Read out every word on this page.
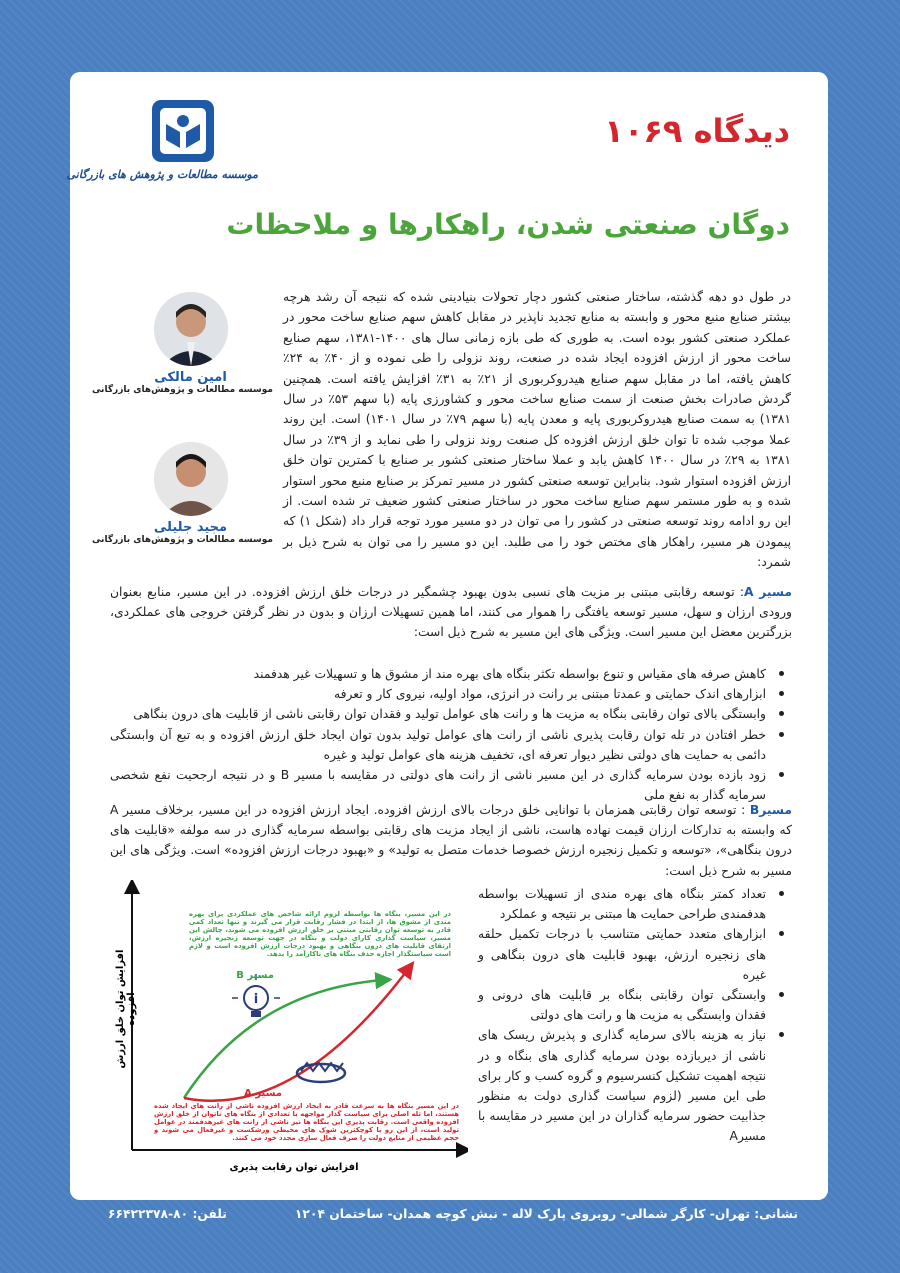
موسسه مطالعات و پژوهش های بازرگانی
دیدگاه ۱۰۶۹
دوگان صنعتی شدن، راهکارها و ملاحظات
امین مالکی
موسسه مطالعات و پژوهش‌های بازرگانی
مجید جلیلی
موسسه مطالعات و پژوهش‌های بازرگانی
در طول دو دهه گذشته، ساختار صنعتی کشور دچار تحولات بنیادینی شده که نتیجه آن رشد هرچه بیشتر صنایع منبع محور و وابسته به منابع تجدید ناپذیر در مقابل کاهش سهم صنایع ساخت محور در عملکرد صنعتی کشور بوده است. به طوری که طی بازه زمانی سال های ۱۴۰۰-۱۳۸۱، سهم صنایع ساخت محور از ارزش افزوده ایجاد شده در صنعت، روند نزولی را طی نموده و از ۴۰٪ به ۲۴٪ کاهش یافته، اما در مقابل سهم صنایع هیدروکربوری از ۲۱٪ به ۳۱٪ افزایش یافته است. همچنین گردش صادرات بخش صنعت از سمت صنایع ساخت محور و کشاورزی پایه (با سهم ۵۳٪ در سال ۱۳۸۱) به سمت صنایع هیدروکربوری پایه و معدن پایه (با سهم ۷۹٪ در سال ۱۴۰۱) است. این روند عملا موجب شده تا توان خلق ارزش افزوده کل صنعت روند نزولی را طی نماید و از ۳۹٪ در سال ۱۳۸۱ به ۲۹٪ در سال ۱۴۰۰ کاهش یابد و عملا ساختار صنعتی کشور بر صنایع با کمترین توان خلق ارزش افزوده استوار شود. بنابراین توسعه صنعتی کشور در مسیر تمرکز بر صنایع منبع محور استوار شده و به طور مستمر سهم صنایع ساخت محور در ساختار صنعتی کشور ضعیف تر شده است. از این رو ادامه روند توسعه صنعتی در کشور را می توان در دو مسیر مورد توجه قرار داد (شکل ۱) که پیمودن هر مسیر، راهکار های مختص خود را می طلبد. این دو مسیر را می توان به شرح ذیل بر شمرد:
مسیر A: توسعه رقابتی مبتنی بر مزیت های نسبی بدون بهبود چشمگیر در درجات خلق ارزش افزوده. در این مسیر، منابع بعنوان ورودی ارزان و سهل، مسیر توسعه یافتگی را هموار می کنند، اما همین تسهیلات ارزان و بدون در نظر گرفتن خروجی های عملکردی، بزرگترین معضل این مسیر است. ویژگی های این مسیر به شرح ذیل است:
کاهش صرفه های مقیاس و تنوع بواسطه تکثر بنگاه های بهره مند از مشوق ها و تسهیلات غیر هدفمند
ابزارهای اندک حمایتی و عمدتا مبتنی بر رانت در انرژی، مواد اولیه، نیروی کار و تعرفه
وابستگی بالای توان رقابتی بنگاه به مزیت ها و رانت های عوامل تولید و فقدان توان رقابتی ناشی از قابلیت های درون بنگاهی
خطر افتادن در تله توان رقابت پذیری ناشی از رانت های عوامل تولید بدون توان ایجاد خلق ارزش افزوده و به تبع آن وابستگی دائمی به حمایت های دولتی نظیر دیوار تعرفه ای، تخفیف هزینه های عوامل تولید و غیره
زود بازده بودن سرمایه گذاری در این مسیر ناشی از رانت های دولتی در مقایسه با مسیر B و در نتیجه ارجحیت نفع شخصی سرمایه گذار به نفع ملی
مسیرB : توسعه توان رقابتی همزمان با توانایی خلق درجات بالای ارزش افزوده. ایجاد ارزش افزوده در این مسیر، برخلاف مسیر A که وابسته به تدارکات ارزان قیمت نهاده هاست، ناشی از ایجاد مزیت های رقابتی بواسطه سرمایه گذاری در سه مولفه «قابلیت های درون بنگاهی»، «توسعه و تکمیل زنجیره ارزش خصوصا خدمات متصل به تولید» و «بهبود درجات ارزش افزوده» است. ویژگی های این مسیر به شرح ذیل است:
تعداد کمتر بنگاه های بهره مندی از تسهیلات بواسطه هدفمندی طراحی حمایت ها مبتنی بر نتیجه و عملکرد
ابزارهای متعدد حمایتی متناسب با درجات تکمیل حلقه های زنجیره ارزش، بهبود قابلیت های درون بنگاهی و غیره
وابستگی توان رقابتی بنگاه بر قابلیت های درونی و فقدان وابستگی به مزیت ها و رانت های دولتی
نیاز به هزینه بالای سرمایه گذاری و پذیرش ریسک های ناشی از دیربازده بودن سرمایه گذاری های بنگاه و در نتیجه اهمیت تشکیل کنسرسیوم و گروه کسب و کار برای طی این مسیر (لزوم سیاست گذاری دولت به منظور جذابیت حضور سرمایه گذاران در این مسیر در مقایسه با مسیرA
i
مسیر B
مسیر A
در این مسیر، بنگاه ها بواسطه لزوم ارائه شاخص های عملکردی برای بهره مندی از مشوق ها، از ابتدا در فشار رقابت قرار می گیرند و تنها تعداد کمی قادر به توسعه توان رقابتی مبتنی بر خلق ارزش افزوده می شوند، چالش این مسیر، سیاست گذاری کارای دولت و بنگاه در جهت توسعه زنجیره ارزش، ارتقای قابلیت های درون بنگاهی و بهبود درجات ارزش افزوده است و لازم است سیاستگذار اجازه حذف بنگاه های ناکارآمد را بدهد.
در این مسیر بنگاه ها به سرعت قادر به ایجاد ارزش افزوده ناشی از رانت های ایجاد شده هستند، اما تله اصلی برای سیاست گذار مواجهه با تعدادی از بنگاه های ناتوان از خلق ارزش افزوده واقعی است. رقابت پذیری این بنگاه ها نیز ناشی از رانت های غیرهدفمند در عوامل تولید است، از این رو با کوچکترین شوک های محیطی ورشکست و غیرفعال می شوند و حجم عظیمی از منابع دولت را صرف فعال سازی مجدد خود می کنند.
افزایش توان خلق ارزش افزوده
افزایش توان رقابت پذیری
نشانی: تهران- کارگر شمالی- روبروی پارک لاله - نبش کوچه همدان- ساختمان ۱۲۰۴
تلفن: ۸۰-۶۶۴۲۲۳۷۸
